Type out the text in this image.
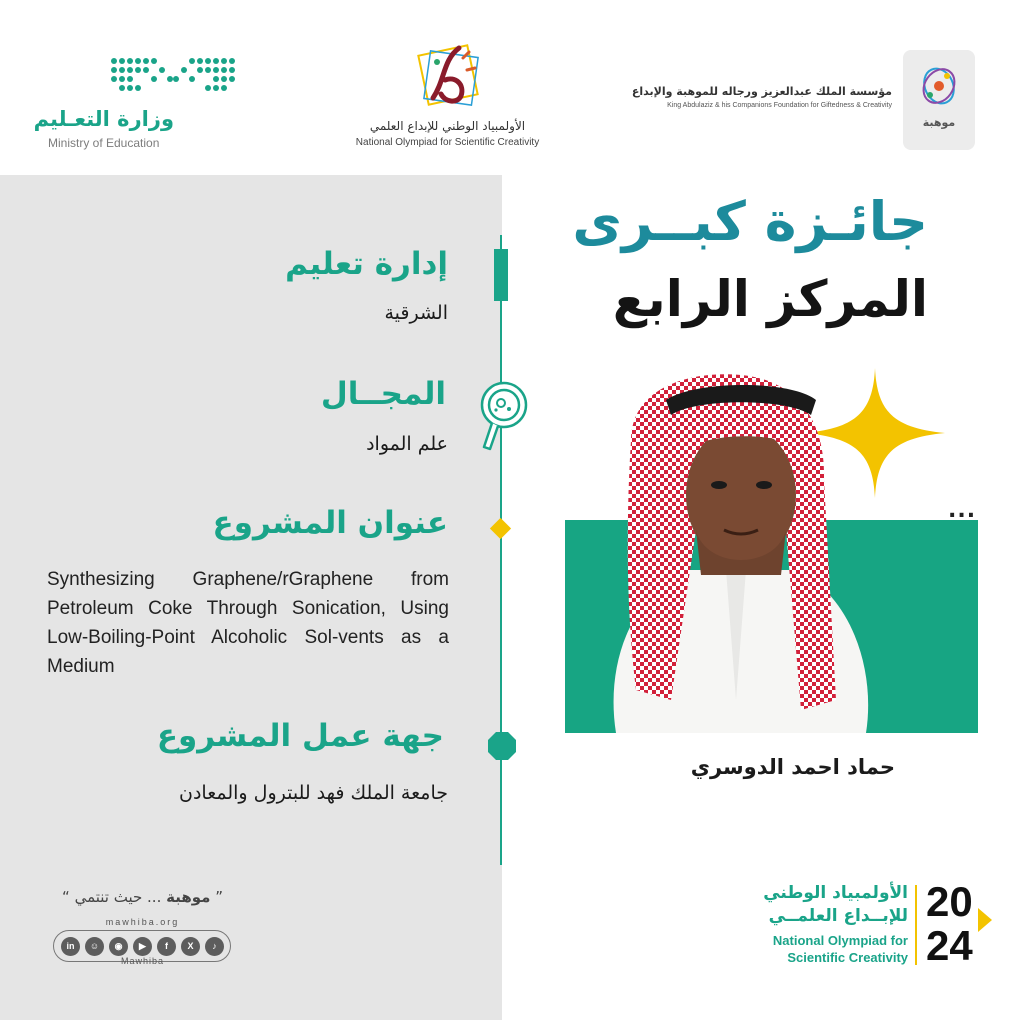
وزارة التعـليم
Ministry of Education
الأولمبياد الوطني للإبداع العلمي
National Olympiad for Scientific Creativity
مؤسسة الملك عبدالعزيز ورجاله للموهبة والإبداع
King Abdulaziz & his Companions Foundation for Giftedness & Creativity
موهبة
إدارة تعليم
الشرقية
المجــال
علم المواد
عنوان المشروع
Synthesizing Graphene/rGraphene from Petroleum Coke Through Sonication, Using Low-Boiling-Point Alcoholic Sol-vents as a Medium
جهة عمل المشروع
جامعة الملك فهد للبترول والمعادن
“	موهبة ... حيث تنتمي	”
mawhiba.org
in	☺	◉	▶	f	X	♪
Mawhiba
جائـزة كبــرى
المركز الرابع
...
حماد احمد الدوسري
الأولمبياد الوطني
للإبــداع العلمــي
National Olympiad for
Scientific Creativity
20
24
